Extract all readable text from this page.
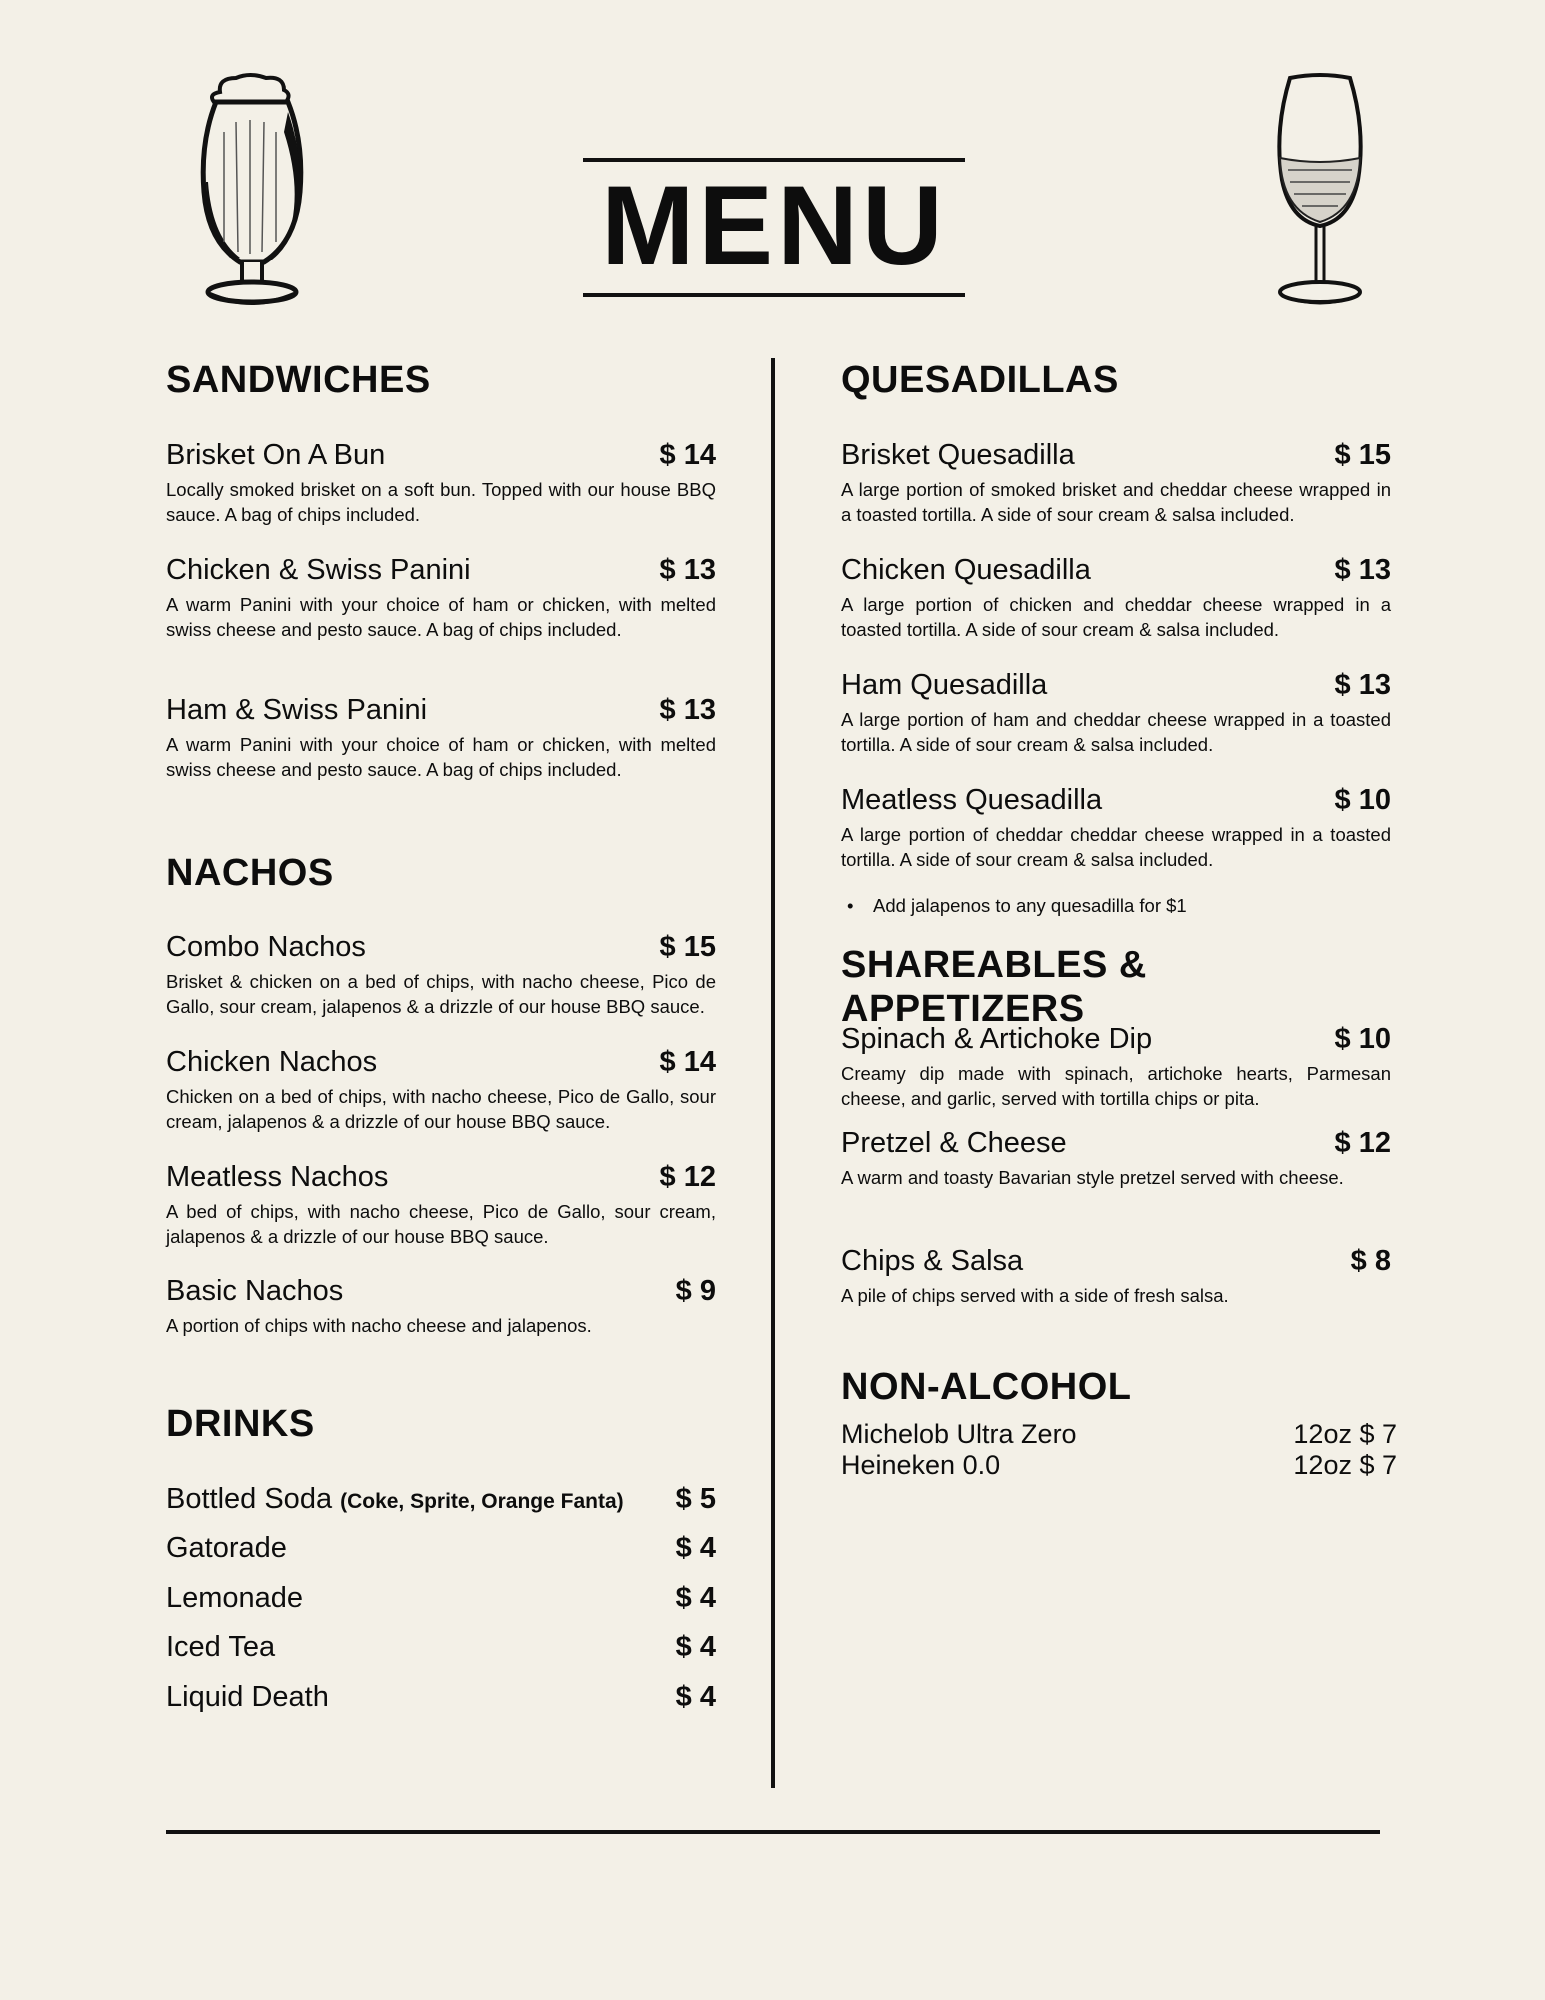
MENU
SANDWICHES
Brisket On A Bun	$ 14
Locally smoked brisket on a soft bun. Topped with our house BBQ sauce. A bag of chips included.
Chicken & Swiss Panini	$ 13
A warm Panini with your choice of ham or chicken, with melted swiss cheese and pesto sauce. A bag of chips included.
Ham & Swiss Panini	$ 13
A warm Panini with your choice of ham or chicken, with melted swiss cheese and pesto sauce. A bag of chips included.
NACHOS
Combo Nachos	$ 15
Brisket & chicken on a bed of chips, with nacho cheese, Pico de Gallo, sour cream, jalapenos & a drizzle of our house BBQ sauce.
Chicken Nachos	$ 14
Chicken on a bed of chips, with nacho cheese, Pico de Gallo, sour cream, jalapenos & a drizzle of our house BBQ sauce.
Meatless Nachos	$ 12
A bed of chips, with nacho cheese, Pico de Gallo, sour cream, jalapenos & a drizzle of our house BBQ sauce.
Basic Nachos	$ 9
A portion of chips with nacho cheese and jalapenos.
DRINKS
Bottled Soda (Coke, Sprite, Orange Fanta) $ 5
Gatorade	$ 4
Lemonade	$ 4
Iced Tea	$ 4
Liquid Death	$ 4
QUESADILLAS
Brisket Quesadilla	$ 15
A large portion of smoked brisket and cheddar cheese wrapped in a toasted tortilla. A side of sour cream & salsa included.
Chicken Quesadilla	$ 13
A large portion of chicken and cheddar cheese wrapped in a toasted tortilla. A side of sour cream & salsa included.
Ham Quesadilla	$ 13
A large portion of ham and cheddar cheese wrapped in a toasted tortilla. A side of sour cream & salsa included.
Meatless Quesadilla	$ 10
A large portion of cheddar cheddar cheese wrapped in a toasted tortilla. A side of sour cream & salsa included.
• Add jalapenos to any quesadilla for $1
SHAREABLES & APPETIZERS
Spinach & Artichoke Dip	$ 10
Creamy dip made with spinach, artichoke hearts, Parmesan cheese, and garlic, served with tortilla chips or pita.
Pretzel & Cheese	$ 12
A warm and toasty Bavarian style pretzel served with cheese.
Chips & Salsa	$ 8
A pile of chips served with a side of fresh salsa.
NON-ALCOHOL
Michelob Ultra Zero	12oz $ 7
Heineken 0.0	12oz $ 7
